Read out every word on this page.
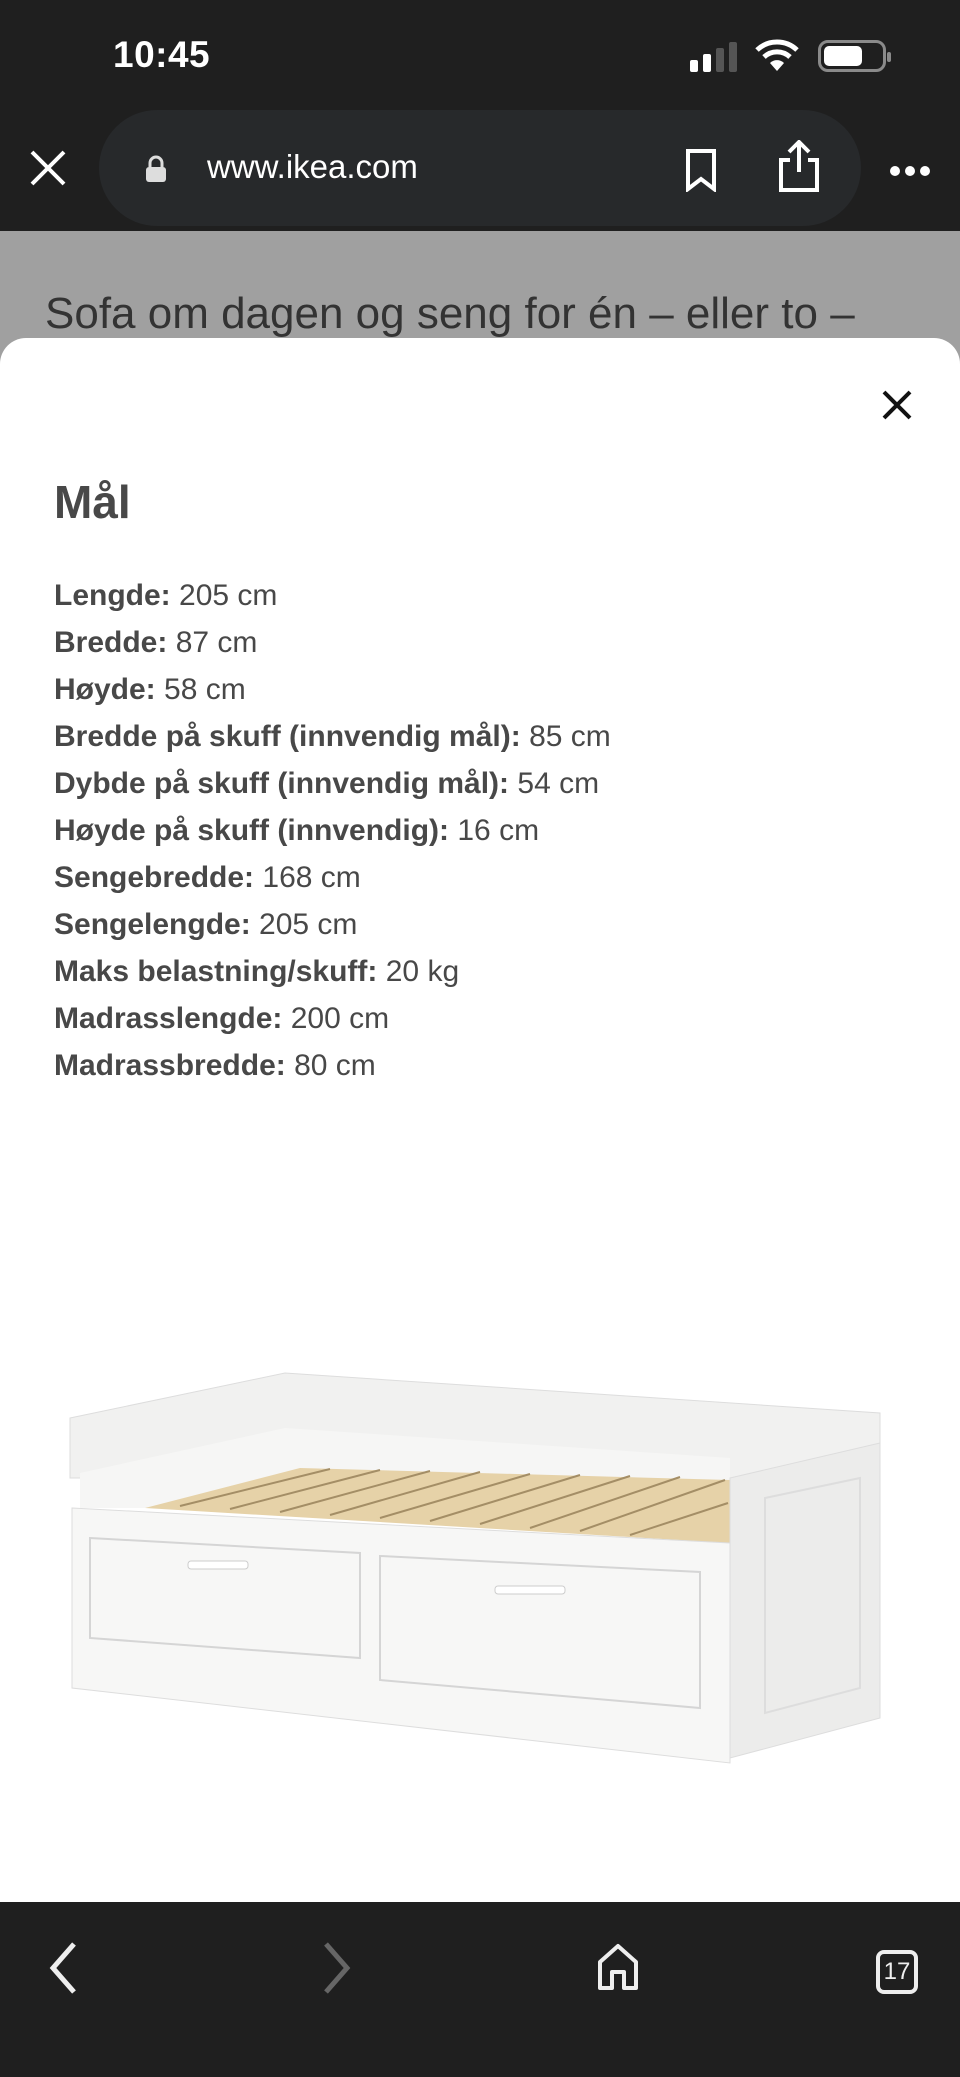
10:45
www.ikea.com
Sofa om dagen og seng for én – eller to –
Mål
Lengde: 205 cm
Bredde: 87 cm
Høyde: 58 cm
Bredde på skuff (innvendig mål): 85 cm
Dybde på skuff (innvendig mål): 54 cm
Høyde på skuff (innvendig): 16 cm
Sengebredde: 168 cm
Sengelengde: 205 cm
Maks belastning/skuff: 20 kg
Madrasslengde: 200 cm
Madrassbredde: 80 cm
17
